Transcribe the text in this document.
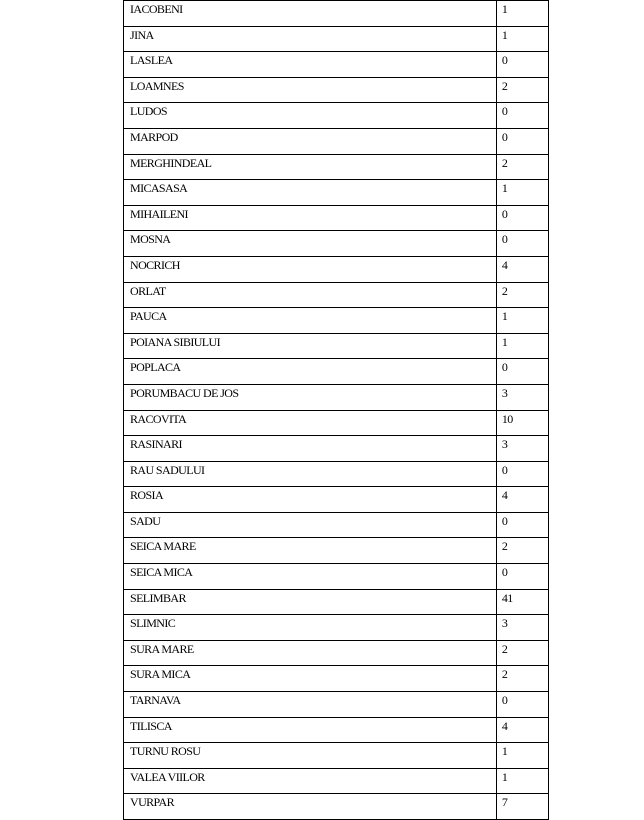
IACOBENI	1
JINA	1
LASLEA	0
LOAMNES	2
LUDOS	0
MARPOD	0
MERGHINDEAL	2
MICASASA	1
MIHAILENI	0
MOSNA	0
NOCRICH	4
ORLAT	2
PAUCA	1
POIANA SIBIULUI	1
POPLACA	0
PORUMBACU DE JOS	3
RACOVITA	10
RASINARI	3
RAU SADULUI	0
ROSIA	4
SADU	0
SEICA MARE	2
SEICA MICA	0
SELIMBAR	41
SLIMNIC	3
SURA MARE	2
SURA MICA	2
TARNAVA	0
TILISCA	4
TURNU ROSU	1
VALEA VIILOR	1
VURPAR	7
